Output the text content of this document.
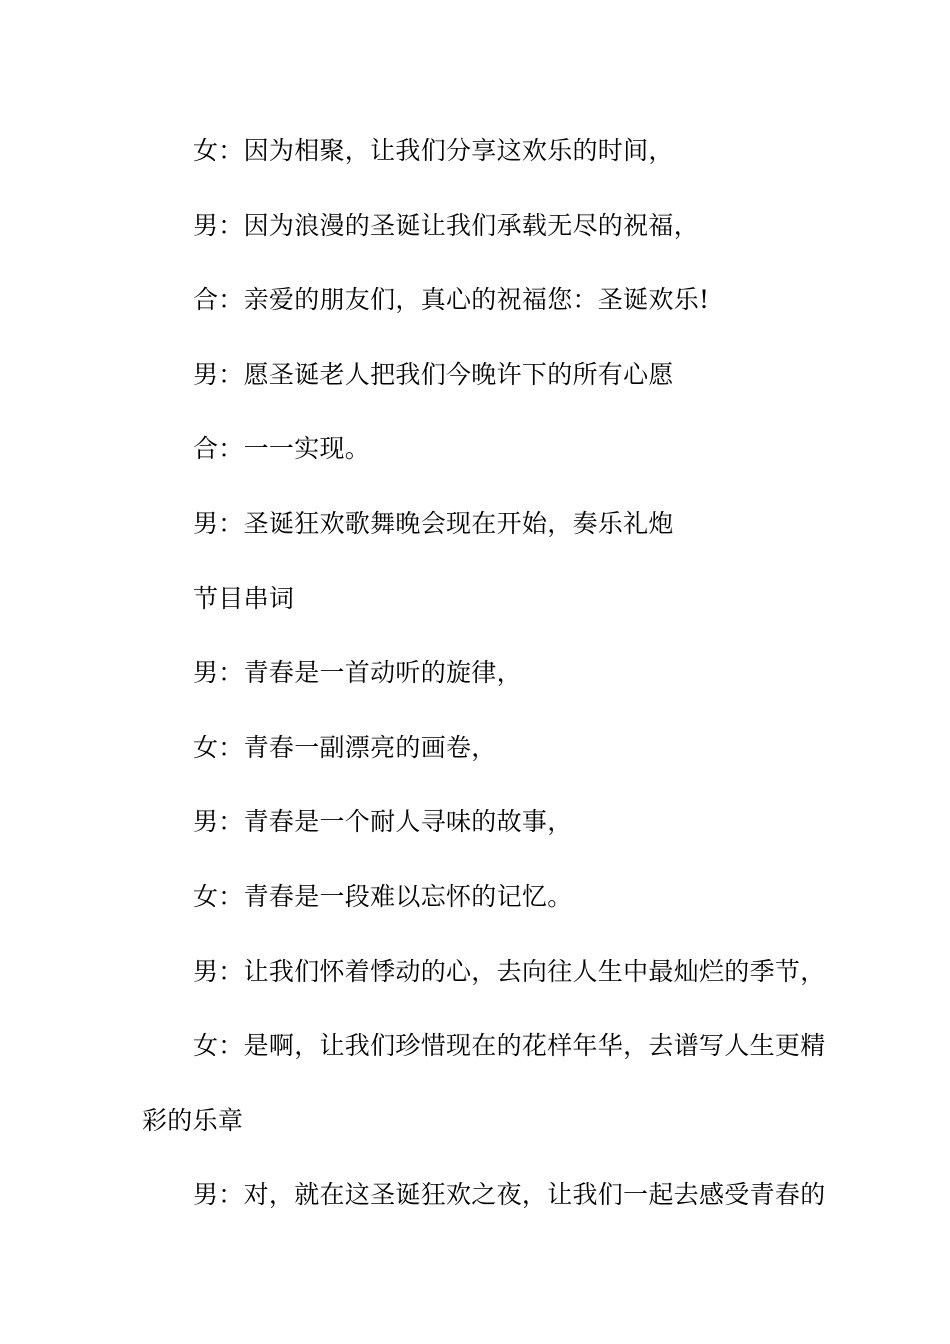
女：因为相聚，让我们分享这欢乐的时间，
男：因为浪漫的圣诞让我们承载无尽的祝福，
合：亲爱的朋友们，真心的祝福您：圣诞欢乐!
男：愿圣诞老人把我们今晚许下的所有心愿
合：一一实现。
男：圣诞狂欢歌舞晚会现在开始，奏乐礼炮
节目串词
男：青春是一首动听的旋律，
女：青春一副漂亮的画卷，
男：青春是一个耐人寻味的故事，
女：青春是一段难以忘怀的记忆。
男：让我们怀着悸动的心，去向往人生中最灿烂的季节，
女：是啊，让我们珍惜现在的花样年华，去谱写人生更精
彩的乐章
男：对，就在这圣诞狂欢之夜，让我们一起去感受青春的
